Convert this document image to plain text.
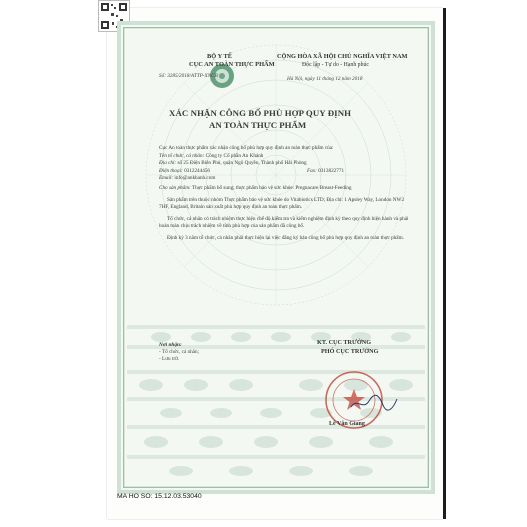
BỘ Y TẾ
CỤC AN TOÀN THỰC PHẨM
Số: 3285/2018/ATTP-XNCB
CỘNG HÒA XÃ HỘI CHỦ NGHĨA VIỆT NAM
Độc lập - Tự do - Hạnh phúc
Hà Nội, ngày 11 tháng 12 năm 2018
XÁC NHẬN CÔNG BỐ PHÙ HỢP QUY ĐỊNH
AN TOÀN THỰC PHẨM
Cục An toàn thực phẩm xác nhận công bố phù hợp quy định an toàn thực phẩm của:
Tên tổ chức, cá nhân: Công ty Cổ phần An Khánh
Địa chỉ: số 25 Điện Biên Phủ, quận Ngô Quyền, Thành phố Hải Phòng
Điện thoại: 0312244456	Fax: 0313822771
Email: info@ankhanh.com
Cho sản phẩm: Thực phẩm bổ sung; thực phẩm bảo vệ sức khỏe: Pregnacare Breast-Feeding
Sản phẩm trên thuộc nhóm Thực phẩm bảo vệ sức khỏe do Vitabiotics LTD; Địa chỉ: 1 Apsley Way, London NW2 7HF, England, Britain sản xuất phù hợp quy định an toàn thực phẩm.
Tổ chức, cá nhân có trách nhiệm thực hiện chế độ kiểm tra và kiểm nghiệm định kỳ theo quy định hiện hành và phải hoàn toàn chịu trách nhiệm về tính phù hợp của sản phẩm đã công bố.
Định kỳ 3 năm tổ chức, cá nhân phải thực hiện lại việc đăng ký bản công bố phù hợp quy định an toàn thực phẩm.
Nơi nhận:
- Tổ chức, cá nhân;
- Lưu trữ.
KT. CỤC TRƯỞNG
PHÓ CỤC TRƯỞNG
Lê Văn Giang
MA HO SO: 15.12.03.53040
